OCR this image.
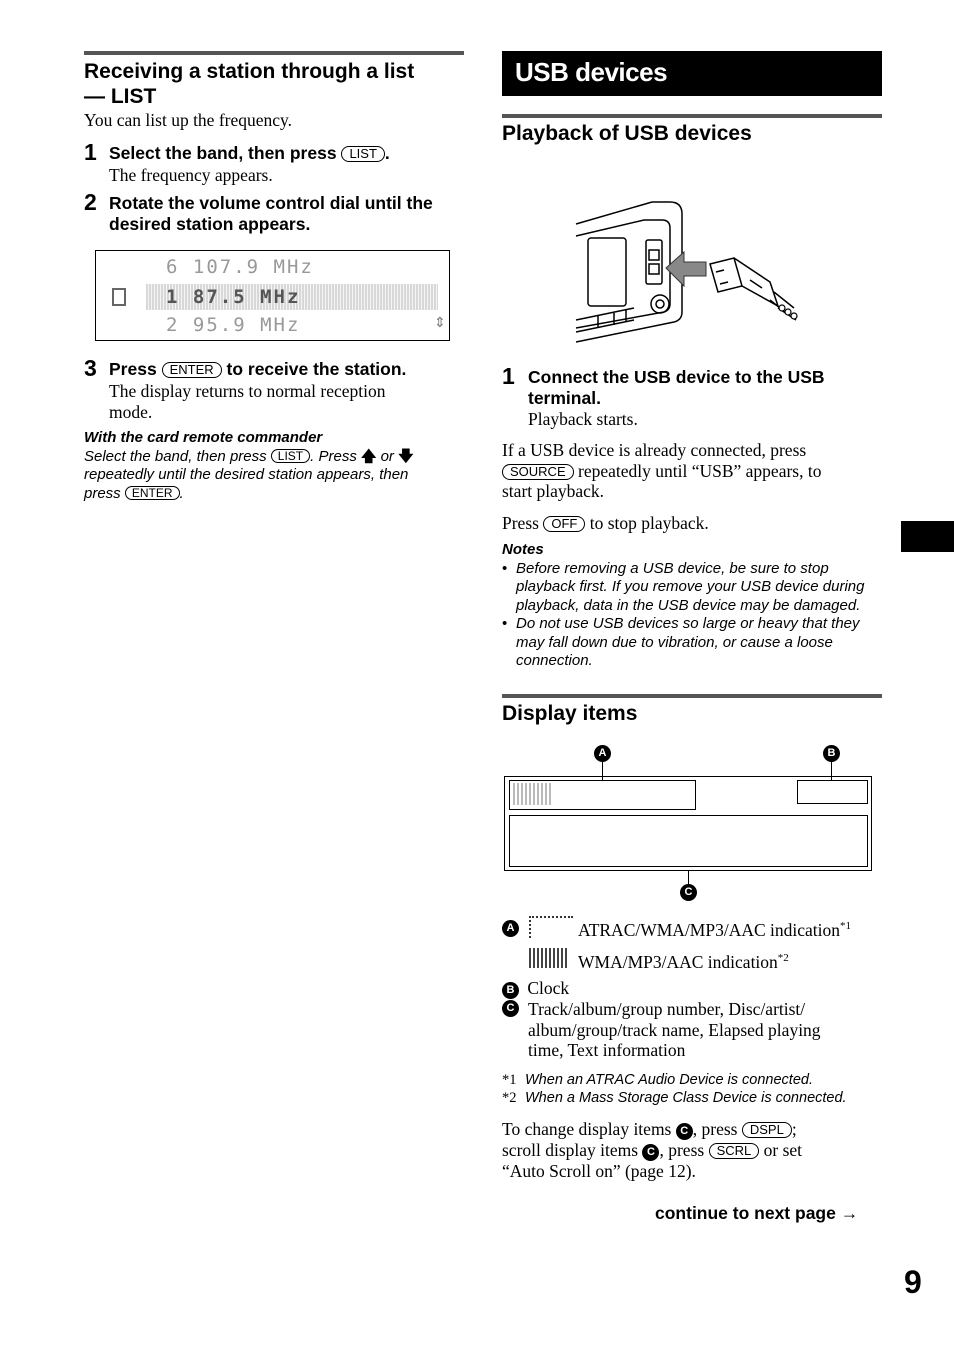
Receiving a station through a list
— LIST
You can list up the frequency.
1 Select the band, then press LIST .
The frequency appears.
2 Rotate the volume control dial until the
desired station appears.
6 107.9 MHz
1 87.5 MHz
2 95.9 MHz	⇕
3 Press ENTER to receive the station.
The display returns to normal reception
mode.
With the card remote commander
Select the band, then press LIST . Press 🡅 or 🡇
repeatedly until the desired station appears, then
press ENTER .
USB devices
Playback of USB devices
1 Connect the USB device to the USB
terminal.
Playback starts.
If a USB device is already connected, press
SOURCE repeatedly until “USB” appears, to
start playback.
Press OFF to stop playback.
Notes
• Before removing a USB device, be sure to stop
playback first. If you remove your USB device during
playback, data in the USB device may be damaged.
• Do not use USB devices so large or heavy that they
may fall down due to vibration, or cause a loose
connection.
Display items
A	B
C
A	ATRAC/WMA/MP3/AAC indication$^{*1}$
WMA/MP3/AAC indication$^{*2}$
B Clock
C Track/album/group number, Disc/artist/
album/group/track name, Elapsed playing
time, Text information
*1 When an ATRAC Audio Device is connected.
*2 When a Mass Storage Class Device is connected.
To change display items C , press DSPL ;
scroll display items C , press SCRL or set
“Auto Scroll on” (page 12).
continue to next page →
9
